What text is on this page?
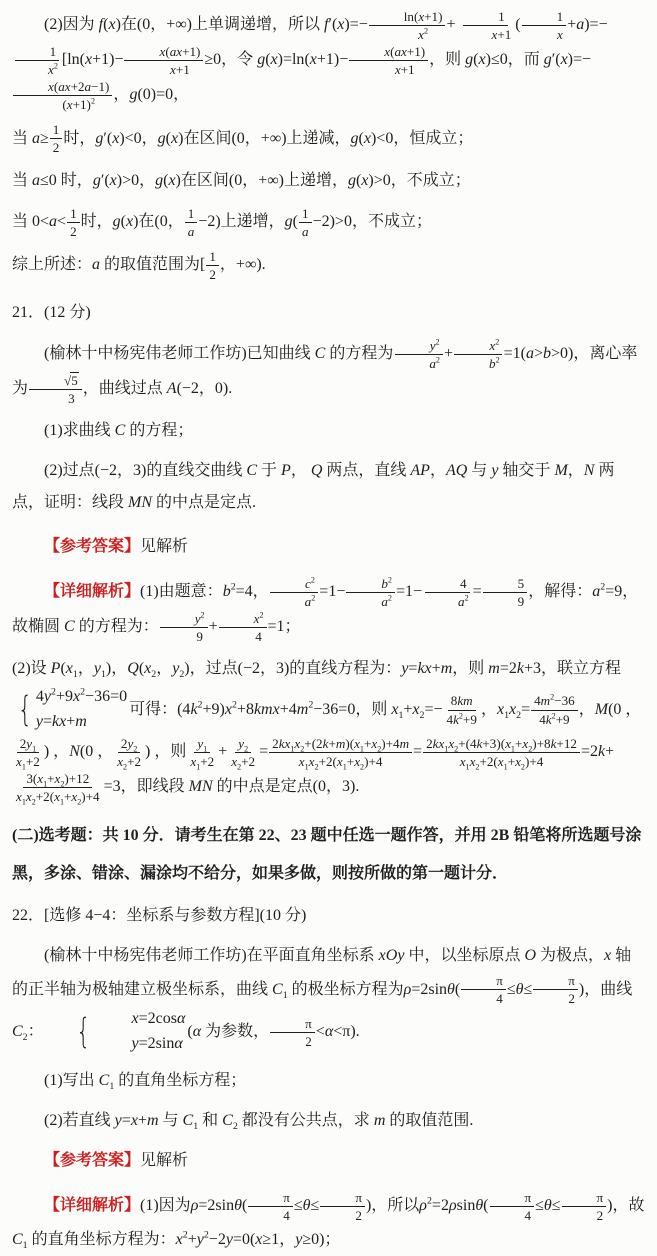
(2)因为 f(x)在(0，+∞)上单调递增，所以 $f'(x)=- \frac{\ln(x+1)}{x^2} + \frac{1}{x+1}$ ( $\frac{1}{x} +a)=-$
$\frac{1}{x^2} [\ln(x+1)- \frac{x(ax+1)}{x+1} \ge 0$，令 $g(x)=\ln(x+1)- \frac{x(ax+1)}{x+1}$ ，则 g(x)≤0，而 g′(x)=−
$\frac{x(ax+2a-1)}{(x+1)^2}$ ，g(0)=0，

当 $a\ge \frac{1}{2}$ 时，g′(x)<0，g(x)在区间(0，+∞)上递减，g(x)<0，恒成立；

当 a≤0 时，g′(x)>0，g(x)在区间(0，+∞)上递增，g(x)>0，不成立；

当 $0<a< \frac{1}{2}$ 时，g(x)在(0， $\frac{1}{a} -2$)上递增，$g( \frac{1}{a} -2)>0$，不成立；

综上所述：a 的取值范围为[ $\frac{1}{2}$ ，+∞).

21．(12 分)

(榆林十中杨宪伟老师工作坊)已知曲线 C 的方程为 $\frac{y^2}{a^2} + \frac{x^2}{b^2} =1(a>b>0)$，离心率为 $\frac{√5}{3}$ ，曲线过点 A(−2，0).

(1)求曲线 C 的方程；

(2)过点(−2，3)的直线交曲线 C 于 P， Q 两点，直线 AP，AQ 与 y 轴交于 M，N 两点，证明：线段 MN 的中点是定点.

【参考答案】见解析

【详细解析】(1)由题意：$b^2=4$， $\frac{c^2}{a^2} =1- \frac{b^2}{a^2} =1- \frac{4}{a^2} = \frac{5}{9}$ ，解得：$a^2=9$，故椭圆 C 的方程为： $\frac{y^2}{9} + \frac{x^2}{4} =1$；

(2)设 $P(x_1$，$y_1$)，$Q(x_2$，$y_2$)，过点(−2，3)的直线方程为：y=kx+m，则 m=2k+3，联立方程
{ $4y^2+9x^2-36=0$
y=kx+m
可得：$(4k^2+9)x^2+8kmx+4m^2-36=0$，则 $x_1+x_2=- \frac{8km}{4k^2+9}$ ，$x_1x_2= \frac{4m^2-36}{4k^2+9}$ ，M(0 ，
$\frac{2y_1}{x_1+2}$ ) ，N(0 ， $\frac{2y_2}{x_2+2}$ ) ，则 $\frac{y_1}{x_1+2} + \frac{y_2}{x_2+2} = \frac{2kx_1x_2+(2k+m)(x_1+x_2)+4m}{x_1x_2+2(x_1+x_2)+4} = \frac{2kx_1x_2+(4k+3)(x_1+x_2)+8k+12}{x_1x_2+2(x_1+x_2)+4} =2k+$
$\frac{3(x_1+x_2)+12}{x_1x_2+2(x_1+x_2)+4} =3$，即线段 MN 的中点是定点(0，3).

(二)选考题：共 10 分．请考生在第 22、23 题中任选一题作答，并用 2B 铅笔将所选题号涂黑，多涂、错涂、漏涂均不给分，如果多做，则按所做的第一题计分．

22．[选修 4−4：坐标系与参数方程](10 分)

(榆林十中杨宪伟老师工作坊)在平面直角坐标系 xOy 中，以坐标原点 O 为极点，x 轴的正半轴为极轴建立极坐标系，曲线 $C_1$ 的极坐标方程为$\rho=2\sin\theta( \frac{\pi}{4} \le\theta\le \frac{\pi}{2}$ )，曲线 $C_2$： {	x=2cosα
y=2sinα
(α 为参数， $\frac{\pi}{2} <\alpha<\pi$).

(1)写出 $C_1$ 的直角坐标方程；

(2)若直线 y=x+m 与 $C_1$ 和 $C_2$ 都没有公共点，求 m 的取值范围.

【参考答案】见解析

【详细解析】(1)因为$\rho=2\sin\theta( \frac{\pi}{4} \le\theta\le \frac{\pi}{2}$ )，所以$\rho^2=2\rho\sin\theta( \frac{\pi}{4} \le\theta\le \frac{\pi}{2}$ )，故 $C_1$ 的直角坐标方程为：$x^2+y^2-2y=0(x\ge 1$，y≥0)；
